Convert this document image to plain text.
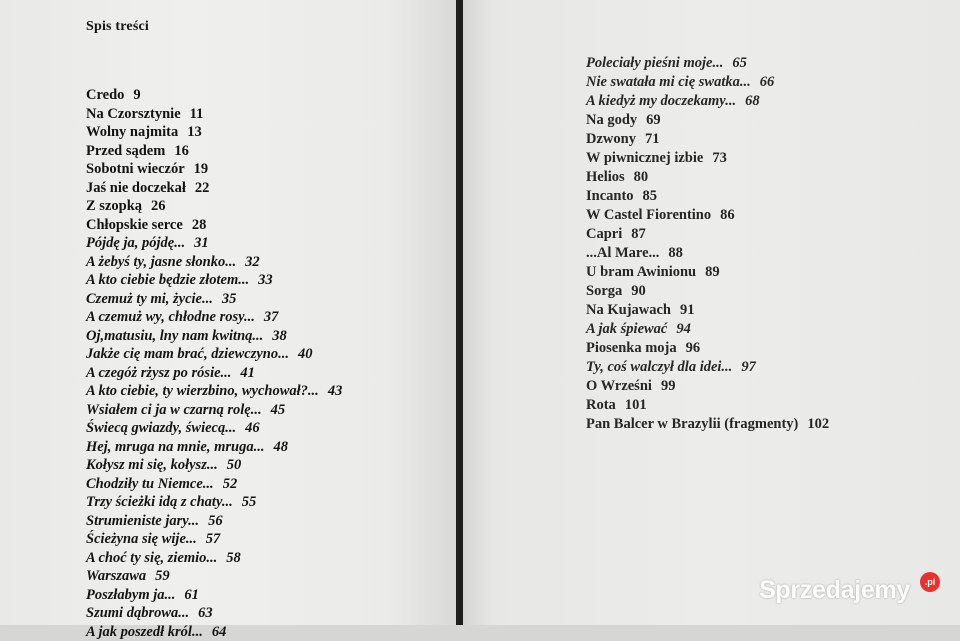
Spis treści
Credo 9
Na Czorsztynie 11
Wolny najmita 13
Przed sądem 16
Sobotni wieczór 19
Jaś nie doczekał 22
Z szopką 26
Chłopskie serce 28
Pójdę ja, pójdę... 31
A żebyś ty, jasne słonko... 32
A kto ciebie będzie złotem... 33
Czemuż ty mi, życie... 35
A czemuż wy, chłodne rosy... 37
Oj,matusiu, lny nam kwitną... 38
Jakże cię mam brać, dziewczyno... 40
A czegóż rżysz po rósie... 41
A kto ciebie, ty wierzbino, wychował?... 43
Wsiałem ci ja w czarną rolę... 45
Świecą gwiazdy, świecą... 46
Hej, mruga na mnie, mruga... 48
Kołysz mi się, kołysz... 50
Chodziły tu Niemce... 52
Trzy ścieżki idą z chaty... 55
Strumieniste jary... 56
Ścieżyna się wije... 57
A choć ty się, ziemio... 58
Warszawa 59
Poszłabym ja... 61
Szumi dąbrowa... 63
A jak poszedł król... 64
Poleciały pieśni moje... 65
Nie swatała mi cię swatka... 66
A kiedyż my doczekamy... 68
Na gody 69
Dzwony 71
W piwnicznej izbie 73
Helios 80
Incanto 85
W Castel Fiorentino 86
Capri 87
...Al Mare... 88
U bram Awinionu 89
Sorga 90
Na Kujawach 91
A jak śpiewać 94
Piosenka moja 96
Ty, coś walczył dla idei... 97
O Wrześni 99
Rota 101
Pan Balcer w Brazylii (fragmenty) 102
Sprzedajemy	.pl
